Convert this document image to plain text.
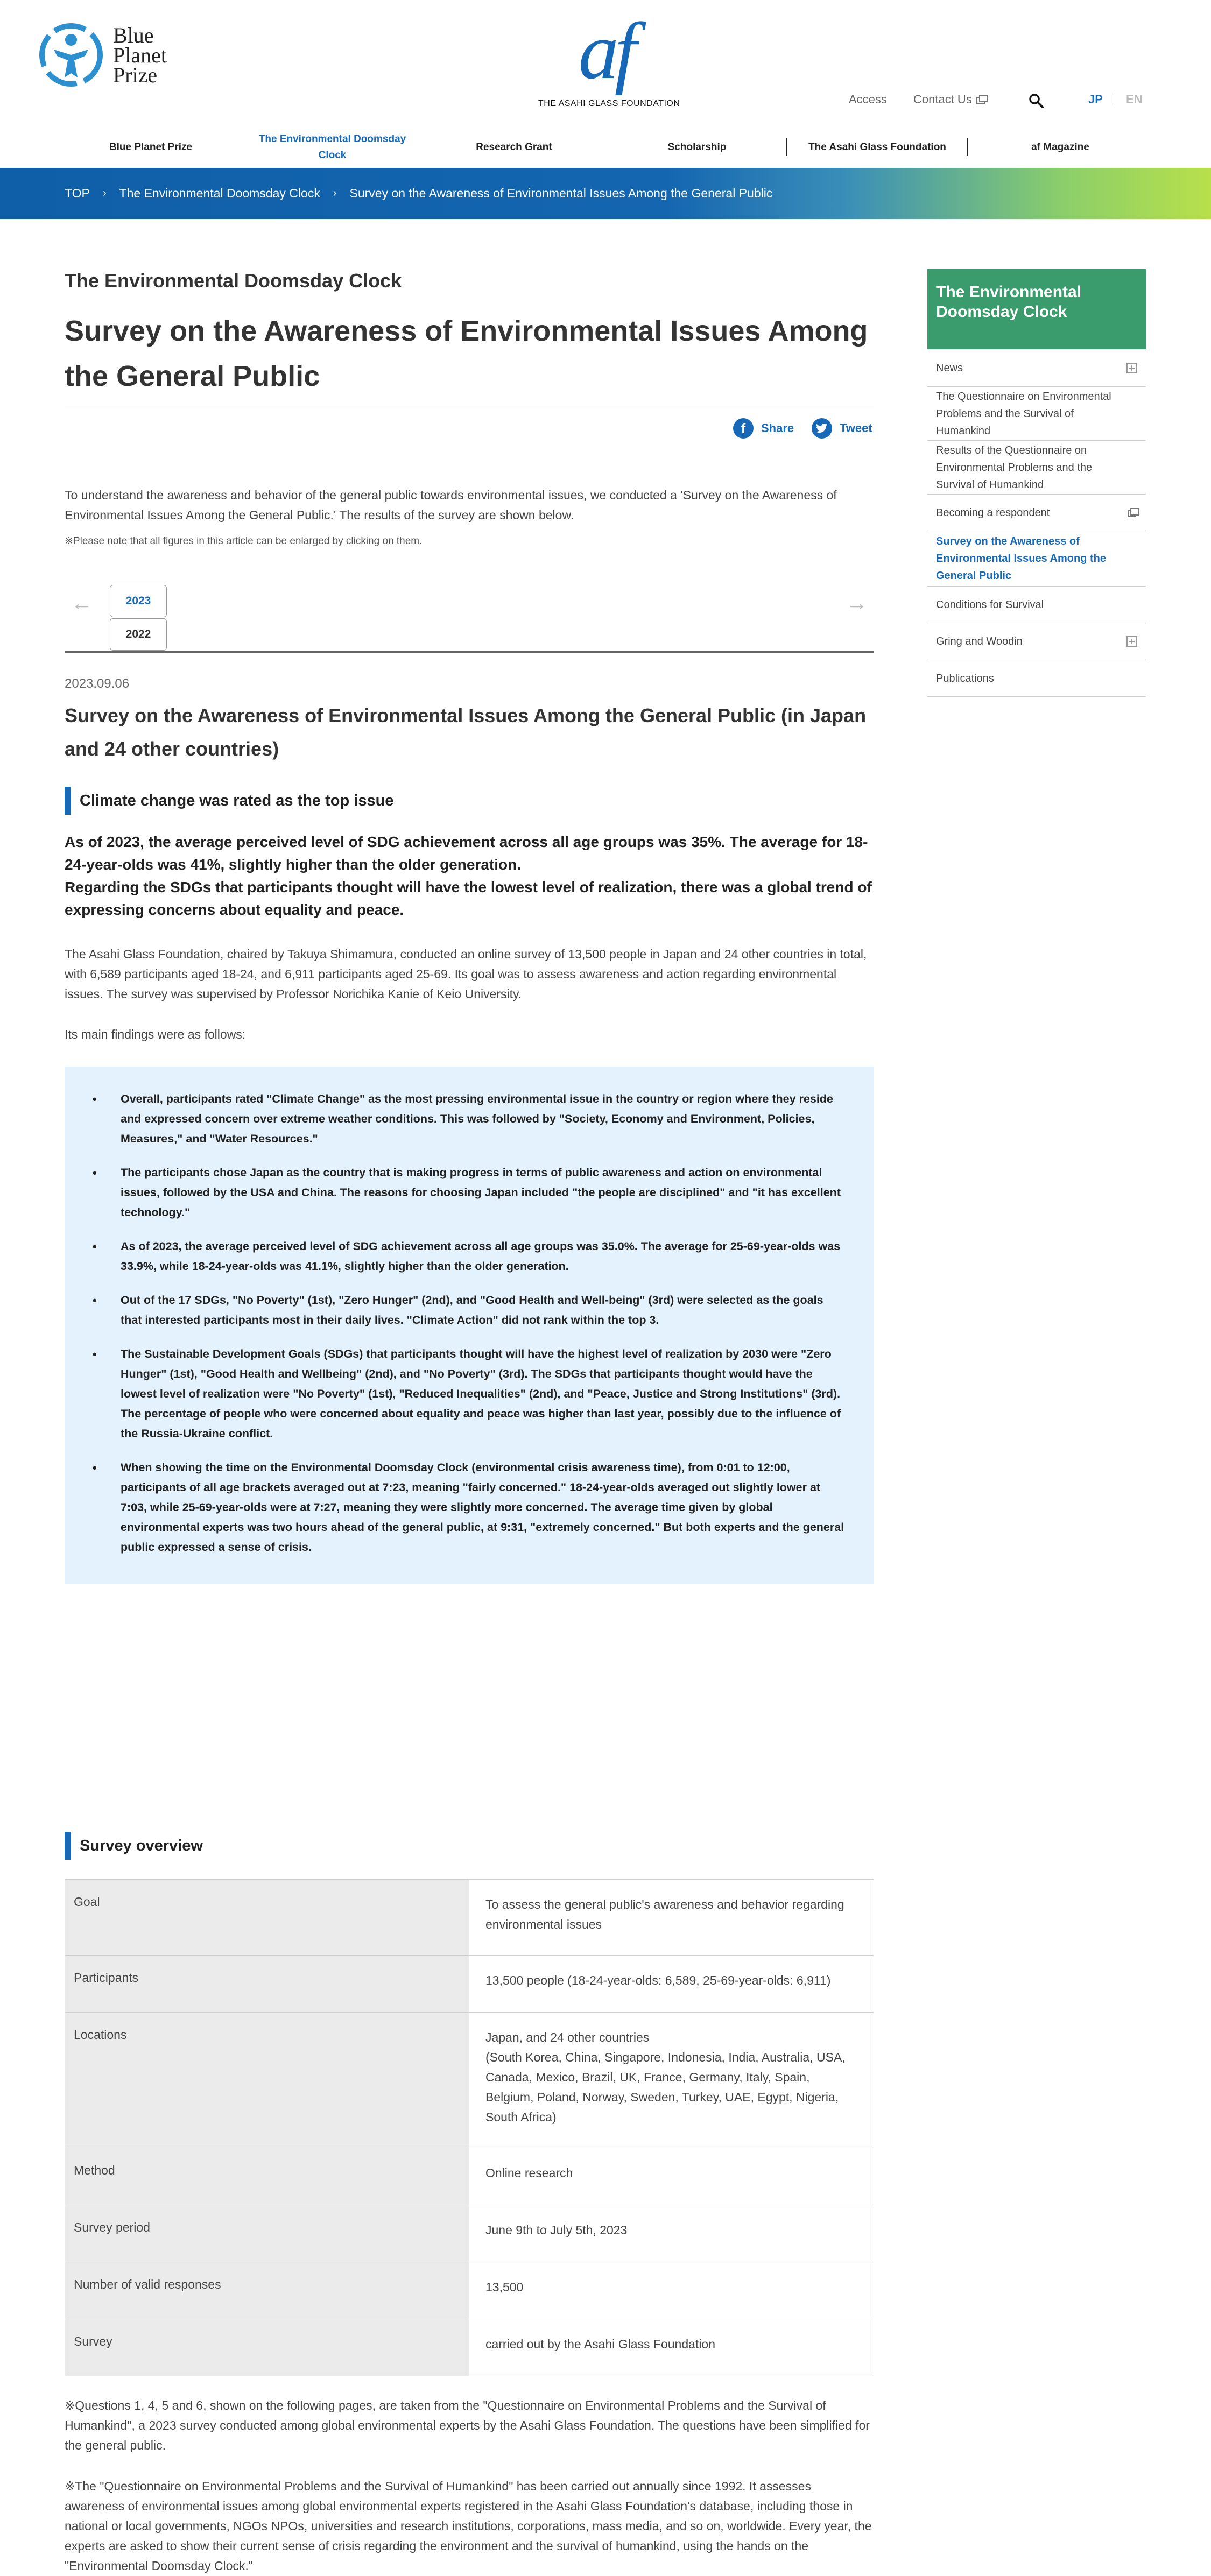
Blue
Planet
Prize	af
THE ASAHI GLASS FOUNDATION	Access Contact Us	JP EN
Blue Planet Prize
The Environmental Doomsday Clock
Research Grant	Scholarship	The Asahi Glass Foundation	af Magazine
TOP › The Environmental Doomsday Clock › Survey on the Awareness of Environmental Issues Among the General Public
The Environmental Doomsday Clock
Survey on the Awareness of Environmental Issues Among the General Public
f	Share	Tweet

To understand the awareness and behavior of the general public towards environmental issues, we conducted a 'Survey on the Awareness of Environmental Issues Among the General Public.' The results of the survey are shown below.

※Please note that all figures in this article can be enlarged by clicking on them.

←	2023
2022
→
2023.09.06
Survey on the Awareness of Environmental Issues Among the General Public (in Japan and 24 other countries)
Climate change was rated as the top issue

As of 2023, the average perceived level of SDG achievement across all age groups was 35%. The average for 18-24-year-olds was 41%, slightly higher than the older generation.
Regarding the SDGs that participants thought will have the lowest level of realization, there was a global trend of expressing concerns about equality and peace.

The Asahi Glass Foundation, chaired by Takuya Shimamura, conducted an online survey of 13,500 people in Japan and 24 other countries in total, with 6,589 participants aged 18-24, and 6,911 participants aged 25-69. Its goal was to assess awareness and action regarding environmental issues. The survey was supervised by Professor Norichika Kanie of Keio University.

Its main findings were as follows:

• Overall, participants rated "Climate Change" as the most pressing environmental issue in the country or region where they reside and expressed concern over extreme weather conditions. This was followed by "Society, Economy and Environment, Policies, Measures," and "Water Resources."
• The participants chose Japan as the country that is making progress in terms of public awareness and action on environmental issues, followed by the USA and China. The reasons for choosing Japan included "the people are disciplined" and "it has excellent technology."
• As of 2023, the average perceived level of SDG achievement across all age groups was 35.0%. The average for 25-69-year-olds was 33.9%, while 18-24-year-olds was 41.1%, slightly higher than the older generation.
• Out of the 17 SDGs, "No Poverty" (1st), "Zero Hunger" (2nd), and "Good Health and Well-being" (3rd) were selected as the goals that interested participants most in their daily lives. "Climate Action" did not rank within the top 3.
• The Sustainable Development Goals (SDGs) that participants thought will have the highest level of realization by 2030 were "Zero Hunger" (1st), "Good Health and Wellbeing" (2nd), and "No Poverty" (3rd). The SDGs that participants thought would have the lowest level of realization were "No Poverty" (1st), "Reduced Inequalities" (2nd), and "Peace, Justice and Strong Institutions" (3rd). The percentage of people who were concerned about equality and peace was higher than last year, possibly due to the influence of the Russia-Ukraine conflict.
• When showing the time on the Environmental Doomsday Clock (environmental crisis awareness time), from 0:01 to 12:00, participants of all age brackets averaged out at 7:23, meaning "fairly concerned." 18-24-year-olds averaged out slightly lower at 7:03, while 25-69-year-olds were at 7:27, meaning they were slightly more concerned. The average time given by global environmental experts was two hours ahead of the general public, at 9:31, "extremely concerned." But both experts and the general public expressed a sense of crisis.
Survey overview
Goal	To assess the general public's awareness and behavior regarding environmental issues
Participants	13,500 people (18-24-year-olds: 6,589, 25-69-year-olds: 6,911)
Locations	Japan, and 24 other countries
(South Korea, China, Singapore, Indonesia, India, Australia, USA, Canada, Mexico, Brazil, UK, France, Germany, Italy, Spain, Belgium, Poland, Norway, Sweden, Turkey, UAE, Egypt, Nigeria, South Africa)
Method	Online research
Survey period	June 9th to July 5th, 2023
Number of valid responses	13,500
Survey	carried out by the Asahi Glass Foundation

※Questions 1, 4, 5 and 6, shown on the following pages, are taken from the "Questionnaire on Environmental Problems and the Survival of Humankind", a 2023 survey conducted among global environmental experts by the Asahi Glass Foundation. The questions have been simplified for the general public.

※The "Questionnaire on Environmental Problems and the Survival of Humankind" has been carried out annually since 1992. It assesses awareness of environmental issues among global environmental experts registered in the Asahi Glass Foundation's database, including those in national or local governments, NGOs NPOs, universities and research institutions, corporations, mass media, and so on, worldwide. Every year, the experts are asked to show their current sense of crisis regarding the environment and the survival of humankind, using the hands on the "Environmental Doomsday Clock."

The Environmental Doomsday Clock
News
The Questionnaire on Environmental Problems and the Survival of Humankind
Results of the Questionnaire on Environmental Problems and the Survival of Humankind
Becoming a respondent
Survey on the Awareness of Environmental Issues Among the General Public
Conditions for Survival
Gring and Woodin
Publications
